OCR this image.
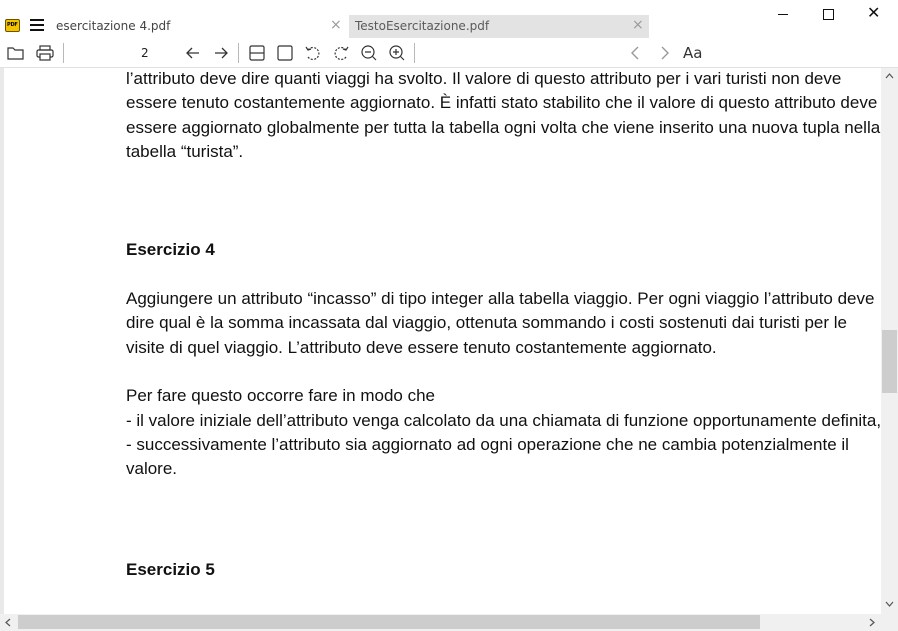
PDF	esercitazione 4.pdf	× TestoEsercitazione.pdf	×
✕
2
Aa

l’attributo deve dire quanti viaggi ha svolto. Il valore di questo attributo per i vari turisti non deve essere tenuto costantemente aggiornato. È infatti stato stabilito che il valore di questo attributo deve essere aggiornato globalmente per tutta la tabella ogni volta che viene inserito una nuova tupla nella tabella “turista”.

Esercizio 4

Aggiungere un attributo “incasso” di tipo integer alla tabella viaggio. Per ogni viaggio l’attributo deve dire qual è la somma incassata dal viaggio, ottenuta sommando i costi sostenuti dai turisti per le visite di quel viaggio. L’attributo deve essere tenuto costantemente aggiornato.

Per fare questo occorre fare in modo che

- il valore iniziale dell’attributo venga calcolato da una chiamata di funzione opportunamente definita,

- successivamente l’attributo sia aggiornato ad ogni operazione che ne cambia potenzialmente il valore.

Esercizio 5
